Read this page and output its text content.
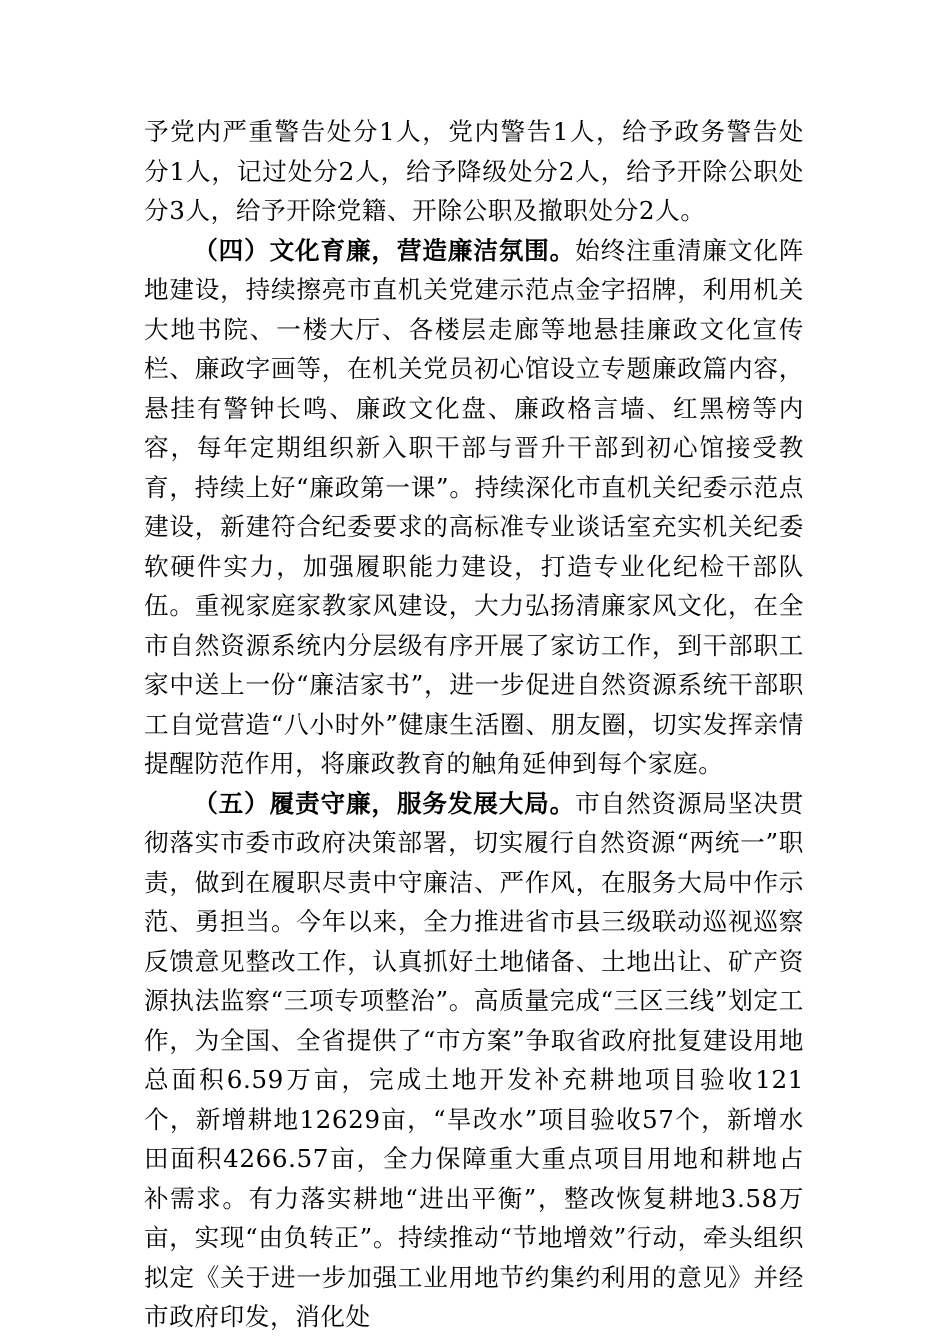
予党内严重警告处分1人，党内警告1人，给予政务警告处分1人，记过处分2人，给予降级处分2人，给予开除公职处分3人，给予开除党籍、开除公职及撤职处分2人。

（四）文化育廉，营造廉洁氛围。始终注重清廉文化阵地建设，持续擦亮市直机关党建示范点金字招牌，利用机关大地书院、一楼大厅、各楼层走廊等地悬挂廉政文化宣传栏、廉政字画等，在机关党员初心馆设立专题廉政篇内容，悬挂有警钟长鸣、廉政文化盘、廉政格言墙、红黑榜等内容，每年定期组织新入职干部与晋升干部到初心馆接受教育，持续上好“廉政第一课”。持续深化市直机关纪委示范点建设，新建符合纪委要求的高标准专业谈话室充实机关纪委软硬件实力，加强履职能力建设，打造专业化纪检干部队伍。重视家庭家教家风建设，大力弘扬清廉家风文化，在全市自然资源系统内分层级有序开展了家访工作，到干部职工家中送上一份“廉洁家书”，进一步促进自然资源系统干部职工自觉营造“八小时外”健康生活圈、朋友圈，切实发挥亲情提醒防范作用，将廉政教育的触角延伸到每个家庭。

（五）履责守廉，服务发展大局。市自然资源局坚决贯彻落实市委市政府决策部署，切实履行自然资源“两统一”职责，做到在履职尽责中守廉洁、严作风，在服务大局中作示范、勇担当。今年以来，全力推进省市县三级联动巡视巡察反馈意见整改工作，认真抓好土地储备、土地出让、矿产资源执法监察“三项专项整治”。高质量完成“三区三线”划定工作，为全国、全省提供了“市方案”争取省政府批复建设用地总面积6.59万亩，完成土地开发补充耕地项目验收121个，新增耕地12629亩，“旱改水”项目验收57个，新增水田面积4266.57亩，全力保障重大重点项目用地和耕地占补需求。有力落实耕地“进出平衡”，整改恢复耕地3.58万亩，实现“由负转正”。持续推动“节地增效”行动，牵头组织拟定《关于进一步加强工业用地节约集约利用的意见》并经市政府印发，消化处
